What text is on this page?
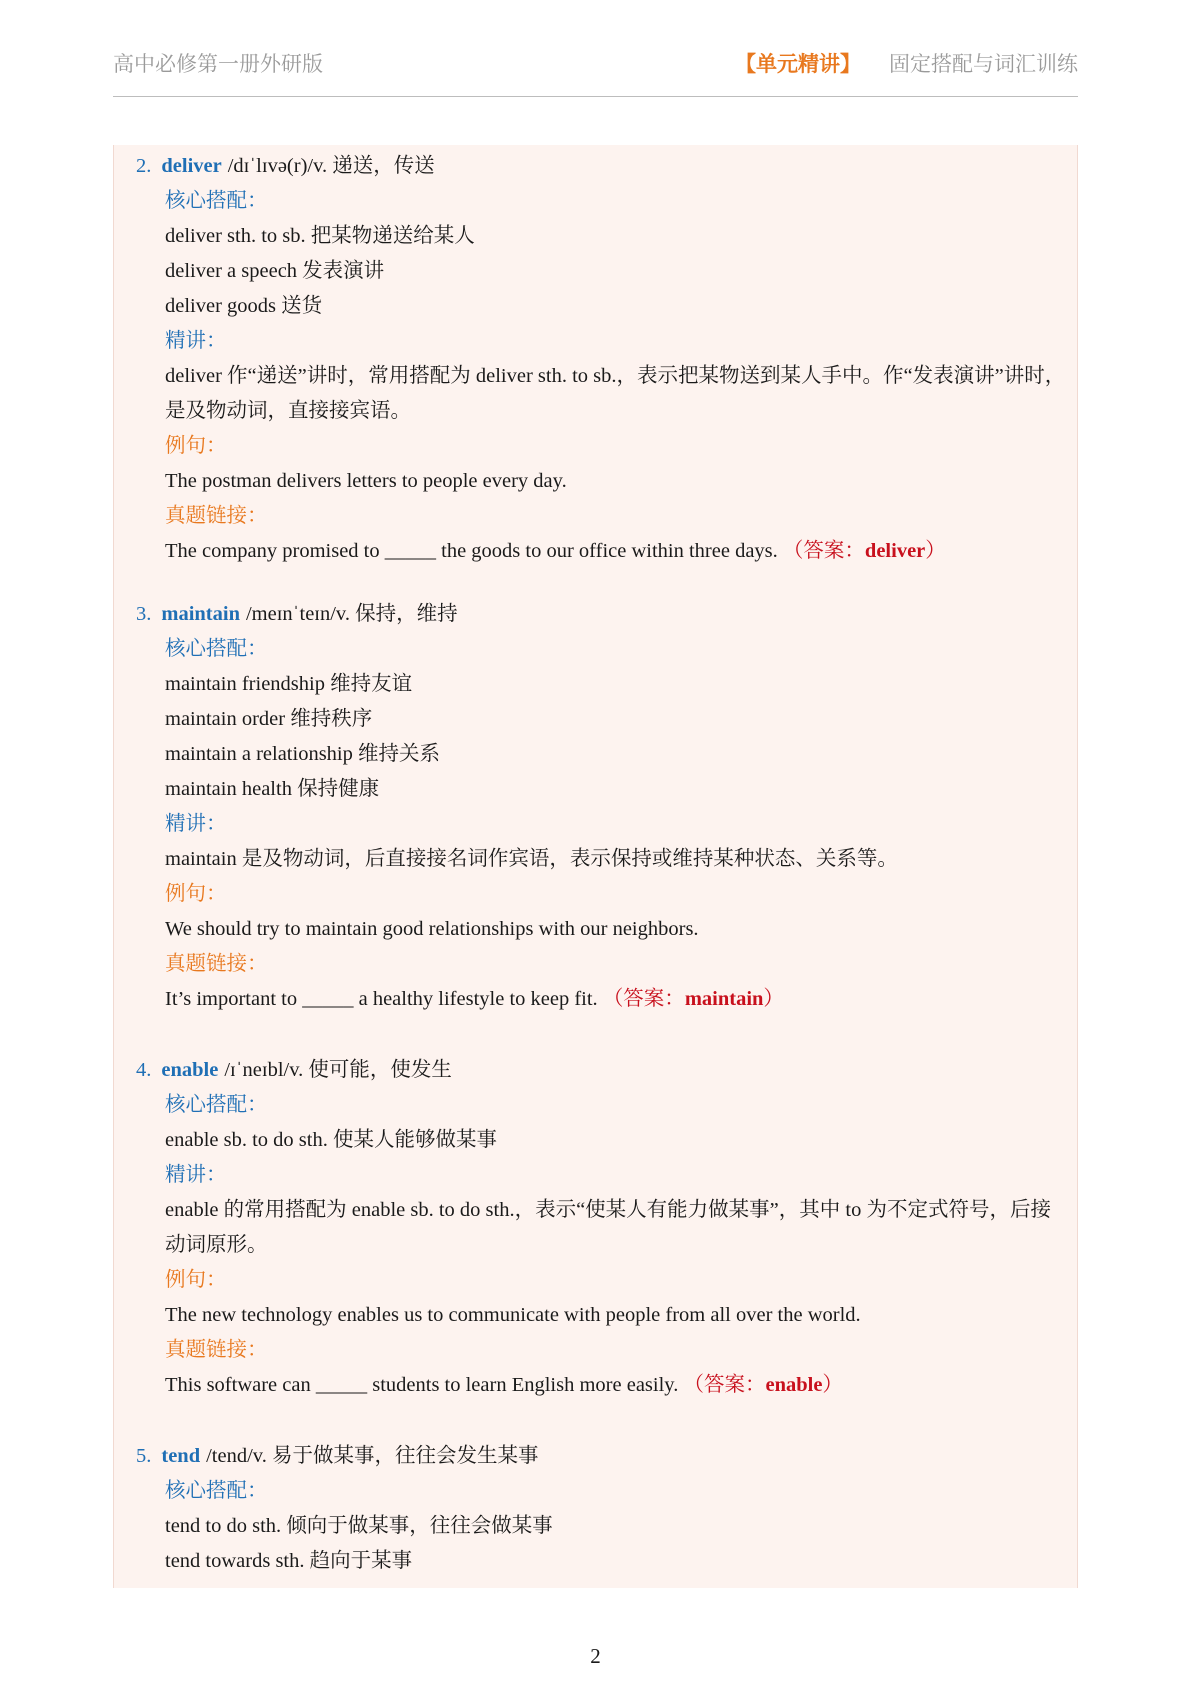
高中必修第一册外研版	【单元精讲】 固定搭配与词汇训练
2. deliver /dɪˈlɪvə(r)/v. 递送，传送
核心搭配：
deliver sth. to sb. 把某物递送给某人
deliver a speech 发表演讲
deliver goods 送货
精讲：
deliver 作“递送”讲时，常用搭配为 deliver sth. to sb.，表示把某物送到某人手中。作“发表演讲”讲时，是及物动词，直接接宾语。
例句：
The postman delivers letters to people every day.
真题链接：
The company promised to _____ the goods to our office within three days. （答案：deliver）
3. maintain /meɪnˈteɪn/v. 保持，维持
核心搭配：
maintain friendship 维持友谊
maintain order 维持秩序
maintain a relationship 维持关系
maintain health 保持健康
精讲：
maintain 是及物动词，后直接接名词作宾语，表示保持或维持某种状态、关系等。
例句：
We should try to maintain good relationships with our neighbors.
真题链接：
It’s important to _____ a healthy lifestyle to keep fit. （答案：maintain）
4. enable /ɪˈneɪbl/v. 使可能，使发生
核心搭配：
enable sb. to do sth. 使某人能够做某事
精讲：
enable 的常用搭配为 enable sb. to do sth.，表示“使某人有能力做某事”，其中 to 为不定式符号，后接动词原形。
例句：
The new technology enables us to communicate with people from all over the world.
真题链接：
This software can _____ students to learn English more easily. （答案：enable）
5. tend /tend/v. 易于做某事，往往会发生某事
核心搭配：
tend to do sth. 倾向于做某事，往往会做某事
tend towards sth. 趋向于某事
2
